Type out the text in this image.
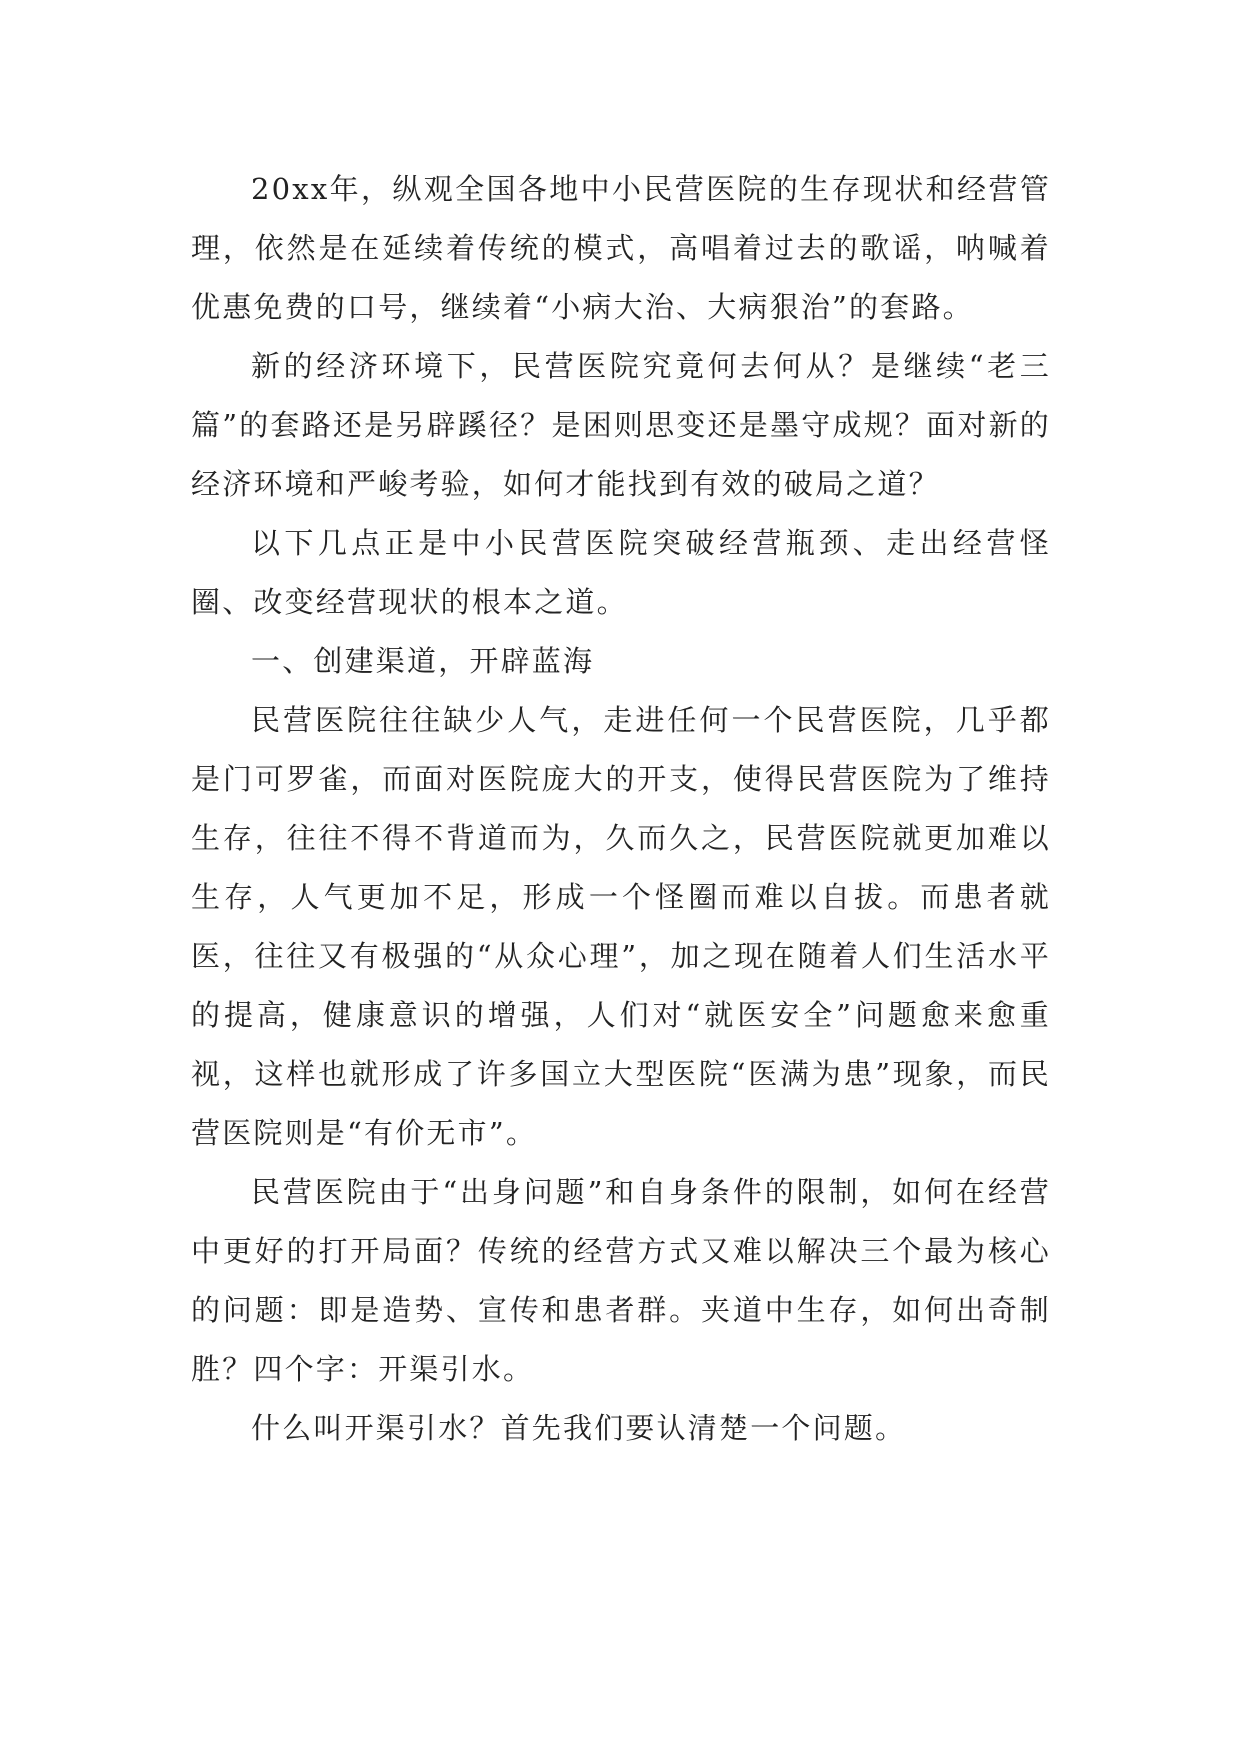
20xx年，纵观全国各地中小民营医院的生存现状和经营管理，依然是在延续着传统的模式，高唱着过去的歌谣，呐喊着优惠免费的口号，继续着“小病大治、大病狠治”的套路。

新的经济环境下，民营医院究竟何去何从？是继续“老三篇”的套路还是另辟蹊径？是困则思变还是墨守成规？面对新的经济环境和严峻考验，如何才能找到有效的破局之道？

以下几点正是中小民营医院突破经营瓶颈、走出经营怪圈、改变经营现状的根本之道。

一、创建渠道，开辟蓝海

民营医院往往缺少人气，走进任何一个民营医院，几乎都是门可罗雀，而面对医院庞大的开支，使得民营医院为了维持生存，往往不得不背道而为，久而久之，民营医院就更加难以生存，人气更加不足，形成一个怪圈而难以自拔。而患者就医，往往又有极强的“从众心理”，加之现在随着人们生活水平的提高，健康意识的增强，人们对“就医安全”问题愈来愈重视，这样也就形成了许多国立大型医院“医满为患”现象，而民营医院则是“有价无市”。

民营医院由于“出身问题”和自身条件的限制，如何在经营中更好的打开局面？传统的经营方式又难以解决三个最为核心的问题：即是造势、宣传和患者群。夹道中生存，如何出奇制胜？四个字：开渠引水。

什么叫开渠引水？首先我们要认清楚一个问题。
